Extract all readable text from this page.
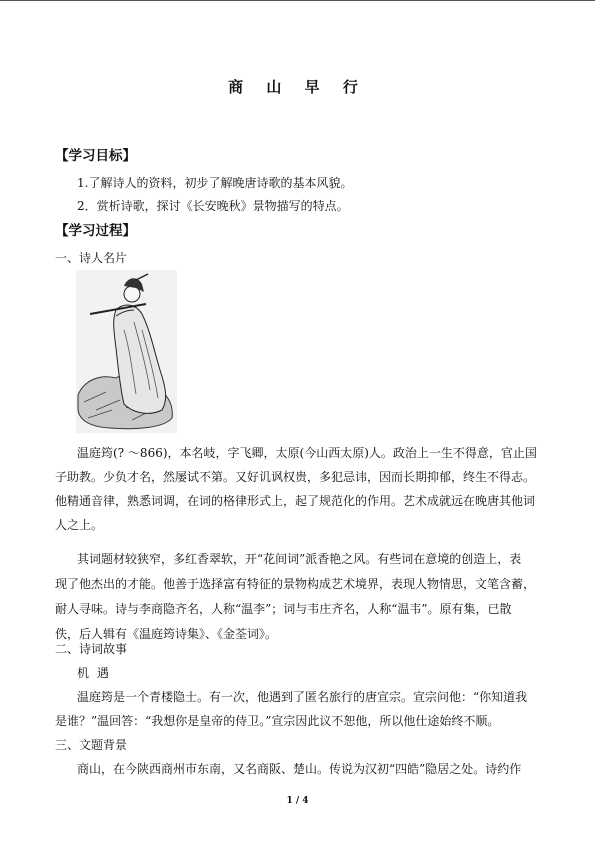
商 山 早 行
【学习目标】
1.了解诗人的资料，初步了解晚唐诗歌的基本风貌。
2．赏析诗歌，探讨《长安晚秋》景物描写的特点。
【学习过程】
一、诗人名片
温庭筠(? ～866)，本名岐，字飞卿，太原(今山西太原)人。政治上一生不得意，官止国
子助教。少负才名，然屡试不第。又好讥讽权贵，多犯忌讳，因而长期抑郁，终生不得志。
他精通音律，熟悉词调，在词的格律形式上，起了规范化的作用。艺术成就远在晚唐其他词
人之上。
其词题材较狭窄，多红香翠软，开“花间词”派香艳之风。有些词在意境的创造上，表
现了他杰出的才能。他善于选择富有特征的景物构成艺术境界，表现人物情思，文笔含蓄，
耐人寻味。诗与李商隐齐名，人称“温李”；词与韦庄齐名，人称“温韦”。原有集，已散
佚，后人辑有《温庭筠诗集》、《金荃词》。
二、诗词故事
机 遇
温庭筠是一个青楼隐士。有一次，他遇到了匿名旅行的唐宣宗。宣宗问他：“你知道我
是谁？”温回答：“我想你是皇帝的侍卫。”宣宗因此议不恕他，所以他仕途始终不顺。
三、文题背景
商山，在今陕西商州市东南，又名商阪、楚山。传说为汉初“四皓”隐居之处。诗约作
1 / 4
